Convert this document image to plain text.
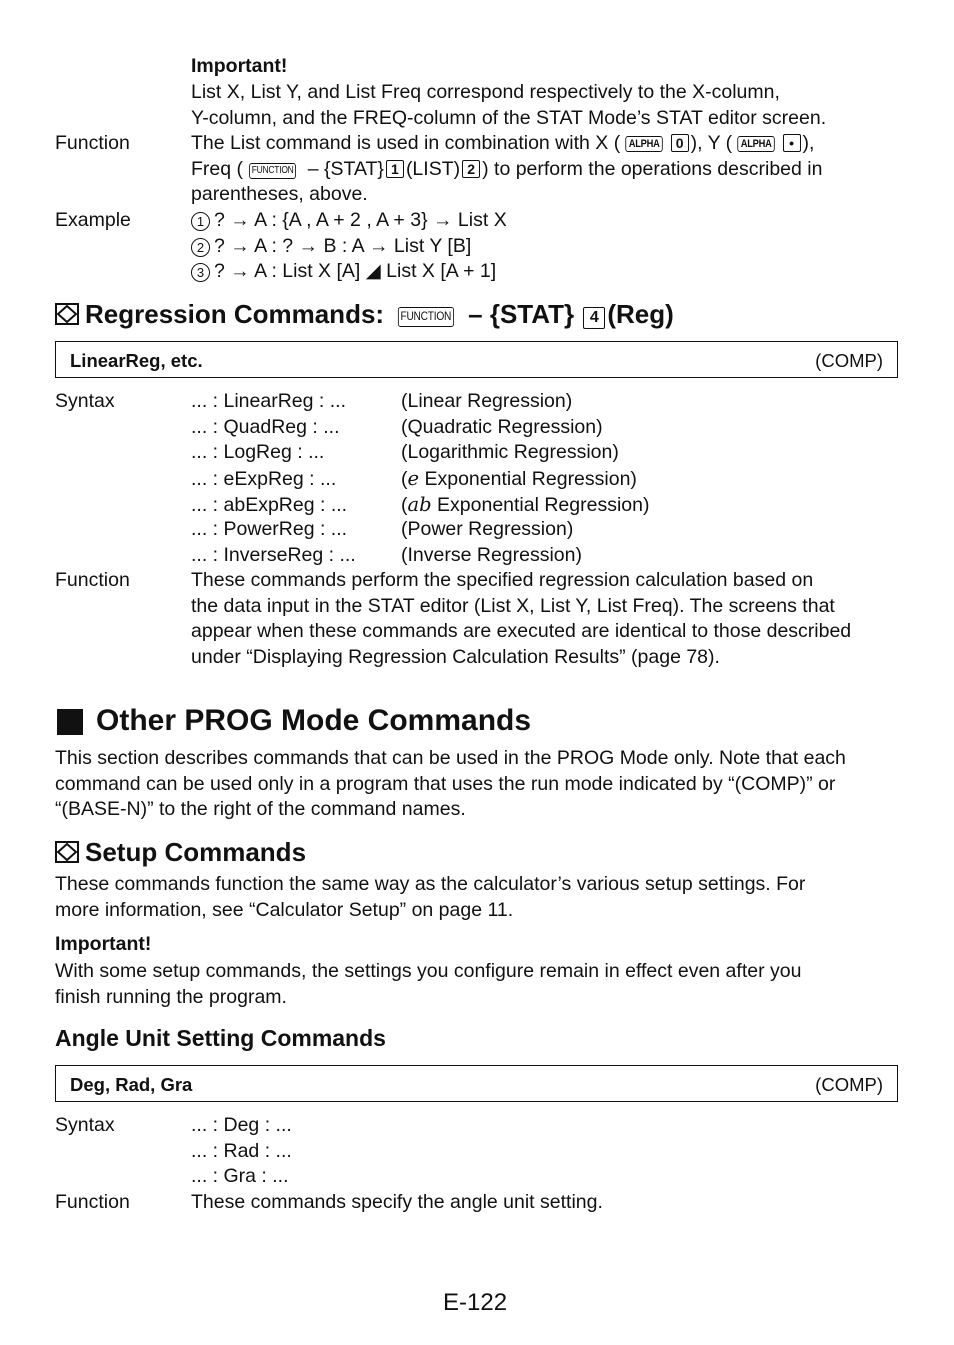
Important!
List X, List Y, and List Freq correspond respectively to the X-column,
Y-column, and the FREQ-column of the STAT Mode’s STAT editor screen.
Function	The List command is used in combination with X ( ALPHA 0 ), Y ( ALPHA • ),
Freq ( FUNCTION – {STAT} 1 (LIST) 2 ) to perform the operations described in
parentheses, above.
Example	1 ? → A : {A , A + 2 , A + 3} → List X
2 ? → A : ? → B : A → List Y [B]
3 ? → A : List X [A] ◢ List X [A + 1]
Regression Commands: FUNCTION – {STAT} 4 (Reg)
LinearReg, etc.	(COMP)
Syntax	... : LinearReg : ...	(Linear Regression)
... : QuadReg : ...	(Quadratic Regression)
... : LogReg : ...	(Logarithmic Regression)
... : eExpReg : ...	(e Exponential Regression)
... : abExpReg : ...	(ab Exponential Regression)
... : PowerReg : ...	(Power Regression)
... : InverseReg : ... (Inverse Regression)
Function	These commands perform the specified regression calculation based on
the data input in the STAT editor (List X, List Y, List Freq). The screens that
appear when these commands are executed are identical to those described
under “Displaying Regression Calculation Results” (page 78).
Other PROG Mode Commands
This section describes commands that can be used in the PROG Mode only. Note that each
command can be used only in a program that uses the run mode indicated by “(COMP)” or
“(BASE-N)” to the right of the command names.
Setup Commands
These commands function the same way as the calculator’s various setup settings. For
more information, see “Calculator Setup” on page 11.
Important!
With some setup commands, the settings you configure remain in effect even after you
finish running the program.
Angle Unit Setting Commands
Deg, Rad, Gra	(COMP)
Syntax	... : Deg : ...
... : Rad : ...
... : Gra : ...
Function	These commands specify the angle unit setting.
E-122
